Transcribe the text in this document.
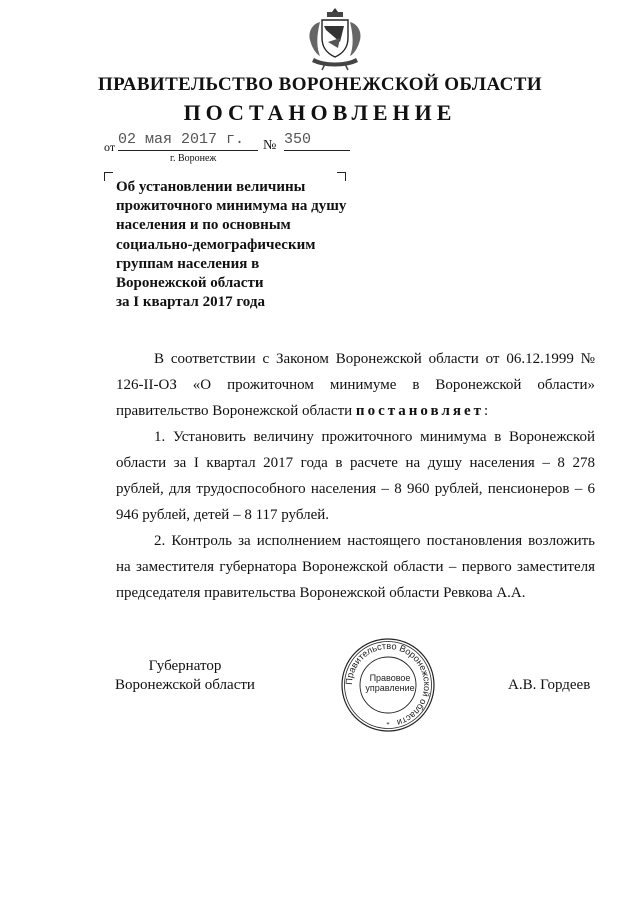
ПРАВИТЕЛЬСТВО ВОРОНЕЖСКОЙ ОБЛАСТИ
ПОСТАНОВЛЕНИЕ
от 02 мая 2017 г.	№ 350
г. Воронеж
Об установлении величины
прожиточного минимума на душу
населения и по основным
социально-демографическим
группам населения в
Воронежской области
за I квартал 2017 года

В соответствии с Законом Воронежской области от 06.12.1999 № 126-II-ОЗ «О прожиточном минимуме в Воронежской области» правительство Воронежской области постановляет:

1. Установить величину прожиточного минимума в Воронежской области за I квартал 2017 года в расчете на душу населения – 8 278 рублей, для трудоспособного населения – 8 960 рублей, пенсионеров – 6 946 рублей, детей – 8 117 рублей.

2. Контроль за исполнением настоящего постановления возложить на заместителя губернатора Воронежской области – первого заместителя председателя правительства Воронежской области Ревкова А.А.

Губернатор
Воронежской области	Правительство Воронежской области
*
Правовое
управление	А.В. Гордеев
